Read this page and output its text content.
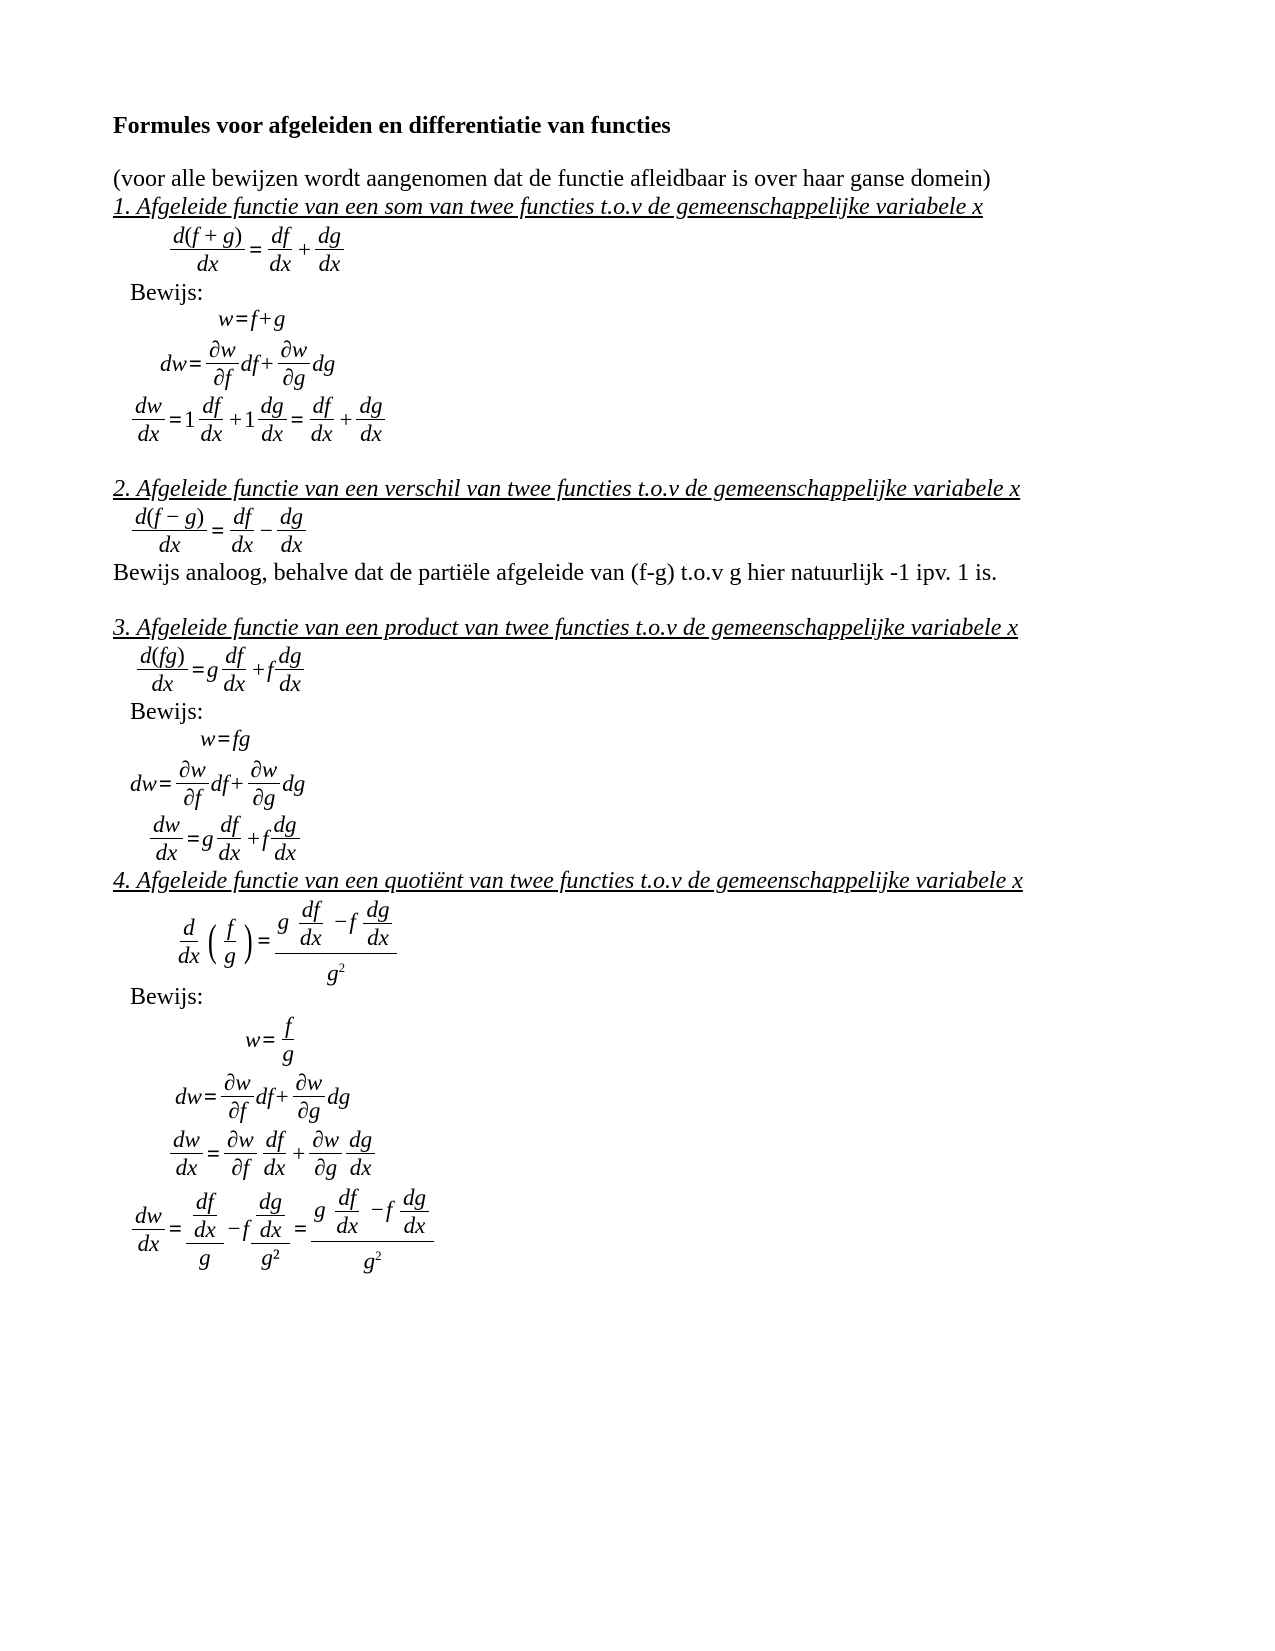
Formules voor afgeleiden en differentiatie van functies
(voor alle bewijzen wordt aangenomen dat de functie afleidbaar is over haar ganse domein)
1. Afgeleide functie van een som van twee functies t.o.v de gemeenschappelijke variabele x
$\frac{d(f + g)}{dx} = \frac{df}{dx} + \frac{dg}{dx}$
Bewijs:
w = f + g
dw = $\frac{\partial w}{\partial f}$ df + $\frac{\partial w}{\partial g}$ dg
$\frac{dw}{dx} = 1 \frac{df}{dx} + 1 \frac{dg}{dx} = \frac{df}{dx} + \frac{dg}{dx}$
2. Afgeleide functie van een verschil van twee functies t.o.v de gemeenschappelijke variabele x
$\frac{d(f - g)}{dx} = \frac{df}{dx} - \frac{dg}{dx}$
Bewijs analoog, behalve dat de partiële afgeleide van (f-g) t.o.v g hier natuurlijk -1 ipv. 1 is.
3. Afgeleide functie van een product van twee functies t.o.v de gemeenschappelijke variabele x
$\frac{d(fg)}{dx} = g \frac{df}{dx} + f \frac{dg}{dx}$
Bewijs:
w = fg
dw = $\frac{\partial w}{\partial f}$ df + $\frac{\partial w}{\partial g}$ dg
$\frac{dw}{dx} = g \frac{df}{dx} + f \frac{dg}{dx}$
4. Afgeleide functie van een quotiënt van twee functies t.o.v de gemeenschappelijke variabele x
$\frac{d}{dx}$ ( $\frac{f}{g}$ ) = $\frac{g \frac{df}{dx} -f \frac{dg}{dx}}{g^2}$
Bewijs:
$w = \frac{f}{g}$
dw = $\frac{\partial w}{\partial f}$ df + $\frac{\partial w}{\partial g}$ dg
$\frac{dw}{dx} = \frac{\partial w}{\partial f} \frac{df}{dx} + \frac{\partial w}{\partial g} \frac{dg}{dx}$
$\frac{dw}{dx} = \frac{\frac{df}{dx}}{g} - f \frac{\frac{dg}{dx}}{\text{g²}} = \frac{g \frac{df}{dx} -f \frac{dg}{dx}}{g^2}$
